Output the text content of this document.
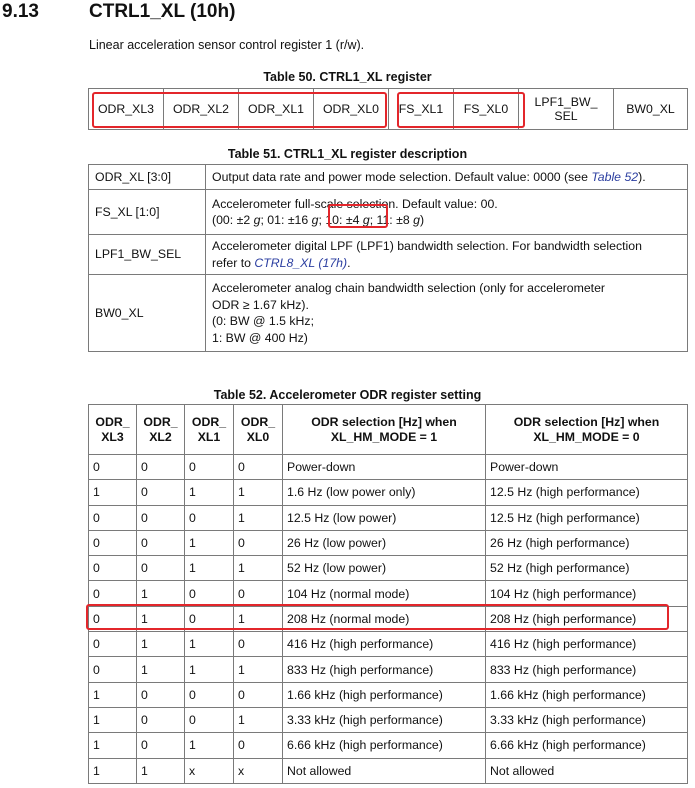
9.13	CTRL1_XL (10h)
Linear acceleration sensor control register 1 (r/w).
Table 50. CTRL1_XL register
ODR_XL3	ODR_XL2	ODR_XL1	ODR_XL0	FS_XL1	FS_XL0	LPF1_BW_
SEL	BW0_XL
Table 51. CTRL1_XL register description
ODR_XL [3:0]	Output data rate and power mode selection. Default value: 0000 (see Table 52).
FS_XL [1:0]	Accelerometer full-scale selection. Default value: 00.
(00: ±2 g; 01: ±16 g; 10: ±4 g; 11: ±8 g)

LPF1_BW_SEL	Accelerometer digital LPF (LPF1) bandwidth selection. For bandwidth selection
refer to CTRL8_XL (17h).

BW0_XL	Accelerometer analog chain bandwidth selection (only for accelerometer
ODR ≥ 1.67 kHz).
(0: BW @ 1.5 kHz;
1: BW @ 400 Hz)
Table 52. Accelerometer ODR register setting
ODR_
XL3	ODR_
XL2	ODR_
XL1	ODR_
XL0	ODR selection [Hz] when
XL_HM_MODE = 1	ODR selection [Hz] when
XL_HM_MODE = 0
0	0	0	0	Power-down	Power-down
1	0	1	1	1.6 Hz (low power only)	12.5 Hz (high performance)
0	0	0	1	12.5 Hz (low power)	12.5 Hz (high performance)
0	0	1	0	26 Hz (low power)	26 Hz (high performance)
0	0	1	1	52 Hz (low power)	52 Hz (high performance)
0	1	0	0	104 Hz (normal mode)	104 Hz (high performance)
0	1	0	1	208 Hz (normal mode)	208 Hz (high performance)
0	1	1	0	416 Hz (high performance)	416 Hz (high performance)
0	1	1	1	833 Hz (high performance)	833 Hz (high performance)
1	0	0	0	1.66 kHz (high performance)	1.66 kHz (high performance)
1	0	0	1	3.33 kHz (high performance)	3.33 kHz (high performance)
1	0	1	0	6.66 kHz (high performance)	6.66 kHz (high performance)
1	1	x	x	Not allowed	Not allowed
